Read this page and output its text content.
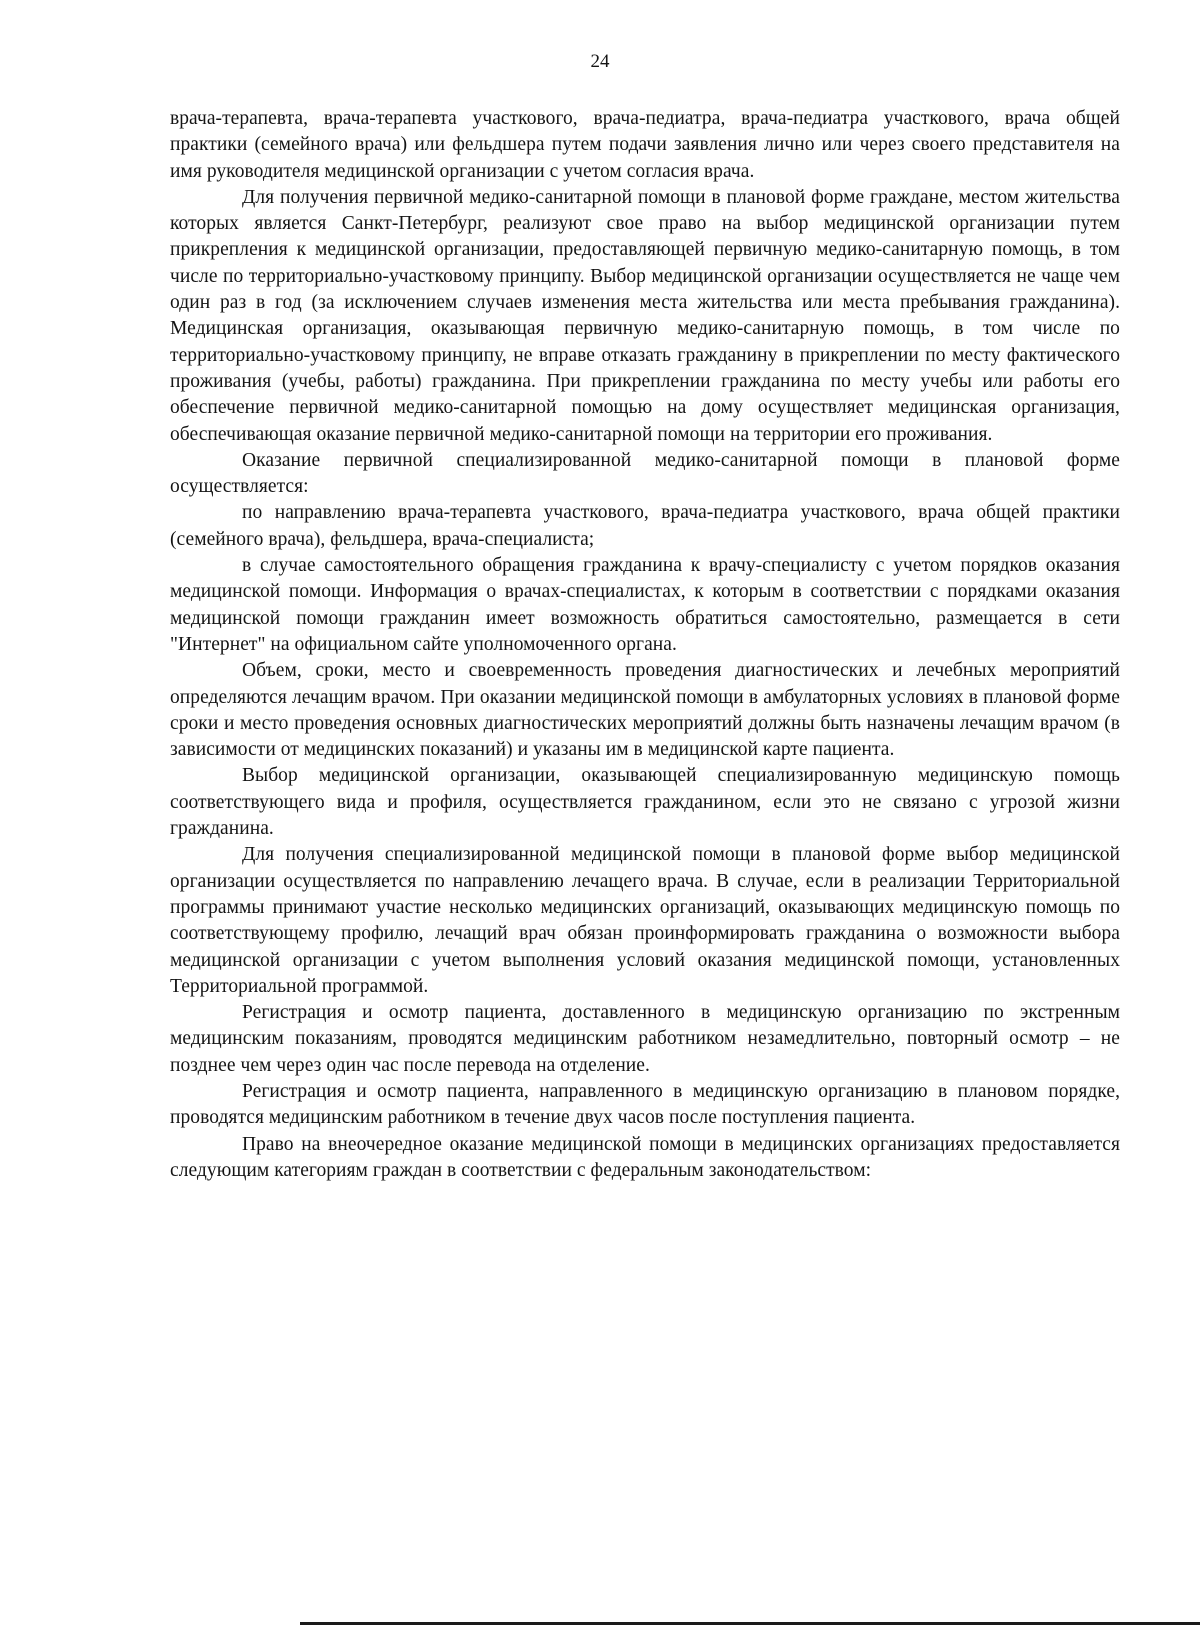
24

врача-терапевта, врача-терапевта участкового, врача-педиатра, врача-педиатра участкового, врача общей практики (семейного врача) или фельдшера путем подачи заявления лично или через своего представителя на имя руководителя медицинской организации с учетом согласия врача.

Для получения первичной медико-санитарной помощи в плановой форме граждане, местом жительства которых является Санкт-Петербург, реализуют свое право на выбор медицинской организации путем прикрепления к медицинской организации, предоставляющей первичную медико-санитарную помощь, в том числе по территориально-участковому принципу. Выбор медицинской организации осуществляется не чаще чем один раз в год (за исключением случаев изменения места жительства или места пребывания гражданина). Медицинская организация, оказывающая первичную медико-санитарную помощь, в том числе по территориально-участковому принципу, не вправе отказать гражданину в прикреплении по месту фактического проживания (учебы, работы) гражданина. При прикреплении гражданина по месту учебы или работы его обеспечение первичной медико-санитарной помощью на дому осуществляет медицинская организация, обеспечивающая оказание первичной медико-санитарной помощи на территории его проживания.

Оказание первичной специализированной медико-санитарной помощи в плановой форме осуществляется:

по направлению врача-терапевта участкового, врача-педиатра участкового, врача общей практики (семейного врача), фельдшера, врача-специалиста;

в случае самостоятельного обращения гражданина к врачу-специалисту с учетом порядков оказания медицинской помощи. Информация о врачах-специалистах, к которым в соответствии с порядками оказания медицинской помощи гражданин имеет возможность обратиться самостоятельно, размещается в сети "Интернет" на официальном сайте уполномоченного органа.

Объем, сроки, место и своевременность проведения диагностических и лечебных мероприятий определяются лечащим врачом. При оказании медицинской помощи в амбулаторных условиях в плановой форме сроки и место проведения основных диагностических мероприятий должны быть назначены лечащим врачом (в зависимости от медицинских показаний) и указаны им в медицинской карте пациента.

Выбор медицинской организации, оказывающей специализированную медицинскую помощь соответствующего вида и профиля, осуществляется гражданином, если это не связано с угрозой жизни гражданина.

Для получения специализированной медицинской помощи в плановой форме выбор медицинской организации осуществляется по направлению лечащего врача. В случае, если в реализации Территориальной программы принимают участие несколько медицинских организаций, оказывающих медицинскую помощь по соответствующему профилю, лечащий врач обязан проинформировать гражданина о возможности выбора медицинской организации с учетом выполнения условий оказания медицинской помощи, установленных Территориальной программой.

Регистрация и осмотр пациента, доставленного в медицинскую организацию по экстренным медицинским показаниям, проводятся медицинским работником незамедлительно, повторный осмотр – не позднее чем через один час после перевода на отделение.

Регистрация и осмотр пациента, направленного в медицинскую организацию в плановом порядке, проводятся медицинским работником в течение двух часов после поступления пациента.

Право на внеочередное оказание медицинской помощи в медицинских организациях предоставляется следующим категориям граждан в соответствии с федеральным законодательством:
